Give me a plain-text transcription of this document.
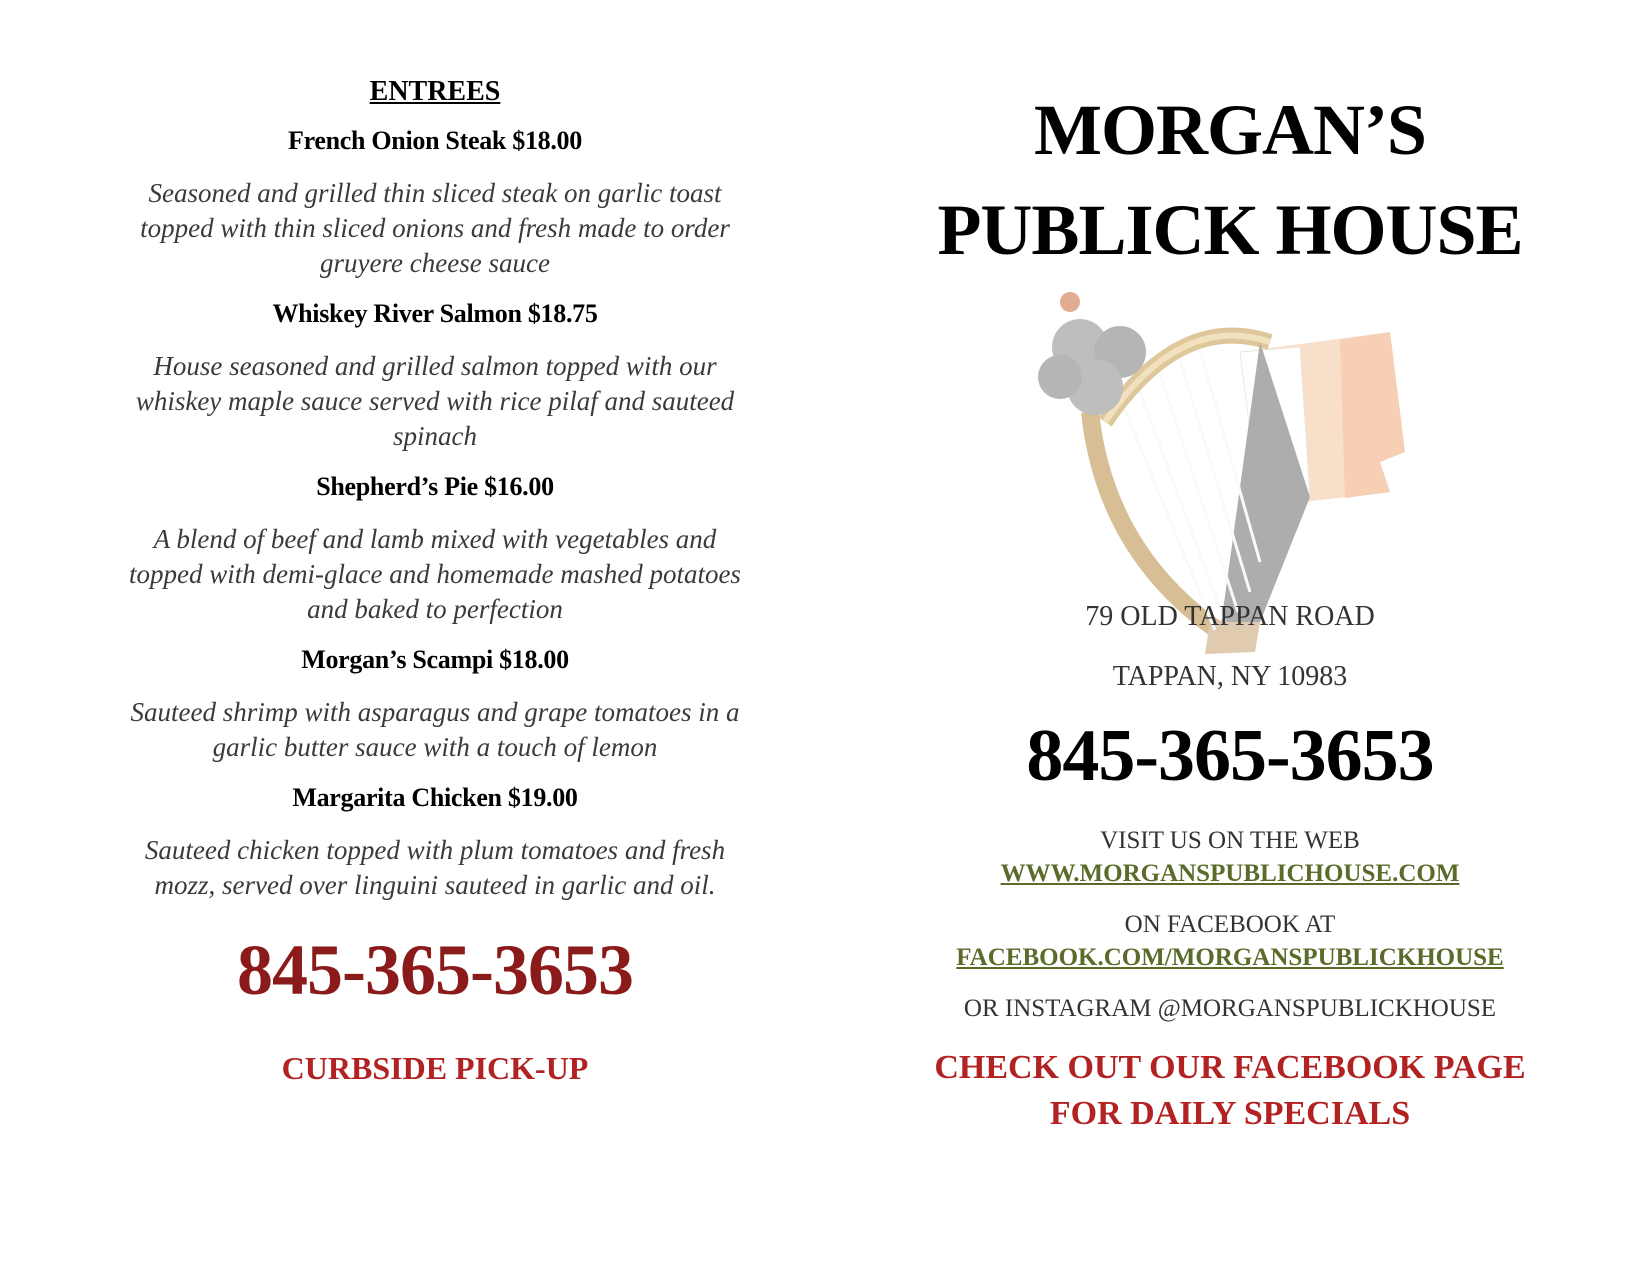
ENTREES
French Onion Steak $18.00
Seasoned and grilled thin sliced steak on garlic toast
topped with thin sliced onions and fresh made to order
gruyere cheese sauce
Whiskey River Salmon $18.75
House seasoned and grilled salmon topped with our
whiskey maple sauce served with rice pilaf and sauteed
spinach
Shepherd’s Pie $16.00
A blend of beef and lamb mixed with vegetables and
topped with demi-glace and homemade mashed potatoes
and baked to perfection
Morgan’s Scampi $18.00
Sauteed shrimp with asparagus and grape tomatoes in a
garlic butter sauce with a touch of lemon
Margarita Chicken $19.00
Sauteed chicken topped with plum tomatoes and fresh
mozz, served over linguini sauteed in garlic and oil.
845-365-3653
CURBSIDE PICK-UP
MORGAN’S
PUBLICK HOUSE
79 OLD TAPPAN ROAD
TAPPAN, NY 10983
845-365-3653
VISIT US ON THE WEB
WWW.MORGANSPUBLICHOUSE.COM
ON FACEBOOK AT
FACEBOOK.COM/MORGANSPUBLICKHOUSE
OR INSTAGRAM @MORGANSPUBLICKHOUSE
CHECK OUT OUR FACEBOOK PAGE
FOR DAILY SPECIALS
